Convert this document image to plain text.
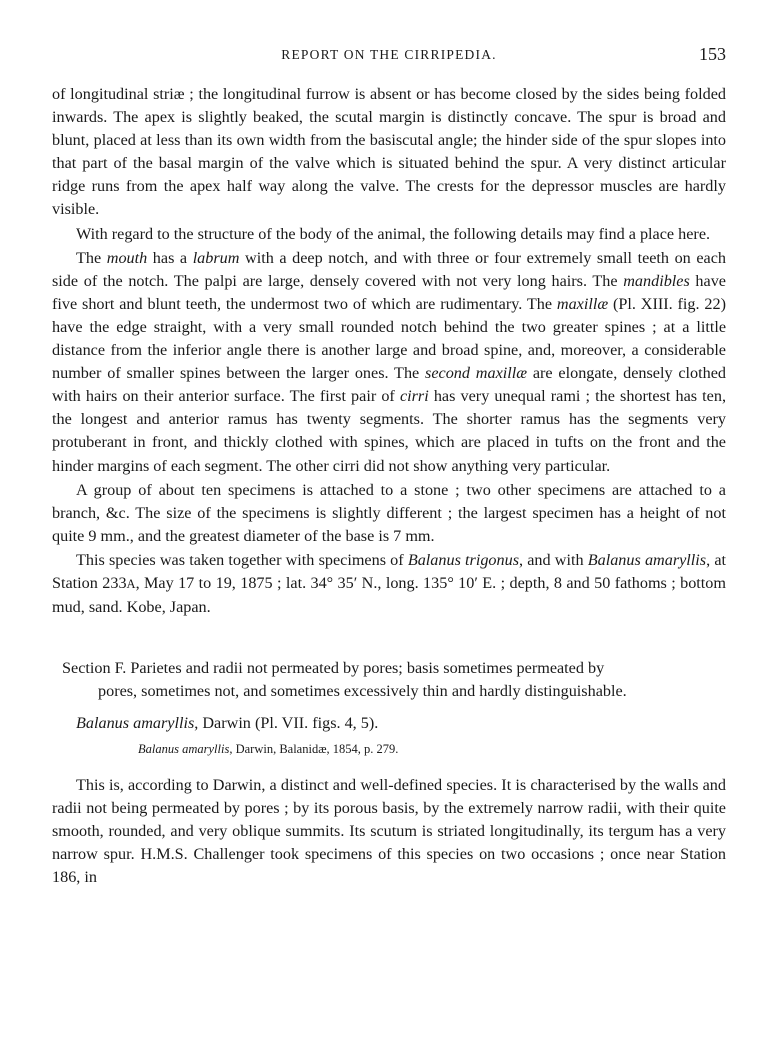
REPORT ON THE CIRRIPEDIA.	153

of longitudinal striæ ; the longitudinal furrow is absent or has become closed by the sides being folded inwards. The apex is slightly beaked, the scutal margin is distinctly concave. The spur is broad and blunt, placed at less than its own width from the basiscutal angle; the hinder side of the spur slopes into that part of the basal margin of the valve which is situated behind the spur. A very distinct articular ridge runs from the apex half way along the valve. The crests for the depressor muscles are hardly visible.

With regard to the structure of the body of the animal, the following details may find a place here.

The mouth has a labrum with a deep notch, and with three or four extremely small teeth on each side of the notch. The palpi are large, densely covered with not very long hairs. The mandibles have five short and blunt teeth, the undermost two of which are rudimentary. The maxillæ (Pl. XIII. fig. 22) have the edge straight, with a very small rounded notch behind the two greater spines ; at a little distance from the inferior angle there is another large and broad spine, and, moreover, a considerable number of smaller spines between the larger ones. The second maxillæ are elongate, densely clothed with hairs on their anterior surface. The first pair of cirri has very unequal rami ; the shortest has ten, the longest and anterior ramus has twenty segments. The shorter ramus has the segments very protuberant in front, and thickly clothed with spines, which are placed in tufts on the front and the hinder margins of each segment. The other cirri did not show anything very particular.

A group of about ten specimens is attached to a stone ; two other specimens are attached to a branch, &c. The size of the specimens is slightly different ; the largest specimen has a height of not quite 9 mm., and the greatest diameter of the base is 7 mm.

This species was taken together with specimens of Balanus trigonus, and with Balanus amaryllis, at Station 233A, May 17 to 19, 1875 ; lat. 34° 35′ N., long. 135° 10′ E. ; depth, 8 and 50 fathoms ; bottom mud, sand. Kobe, Japan.

Section F. Parietes and radii not permeated by pores; basis sometimes permeated by
pores, sometimes not, and sometimes excessively thin and hardly distinguishable.

Balanus amaryllis, Darwin (Pl. VII. figs. 4, 5).

Balanus amaryllis, Darwin, Balanidæ, 1854, p. 279.

This is, according to Darwin, a distinct and well-defined species. It is characterised by the walls and radii not being permeated by pores ; by its porous basis, by the extremely narrow radii, with their quite smooth, rounded, and very oblique summits. Its scutum is striated longitudinally, its tergum has a very narrow spur. H.M.S. Challenger took specimens of this species on two occasions ; once near Station 186, in
